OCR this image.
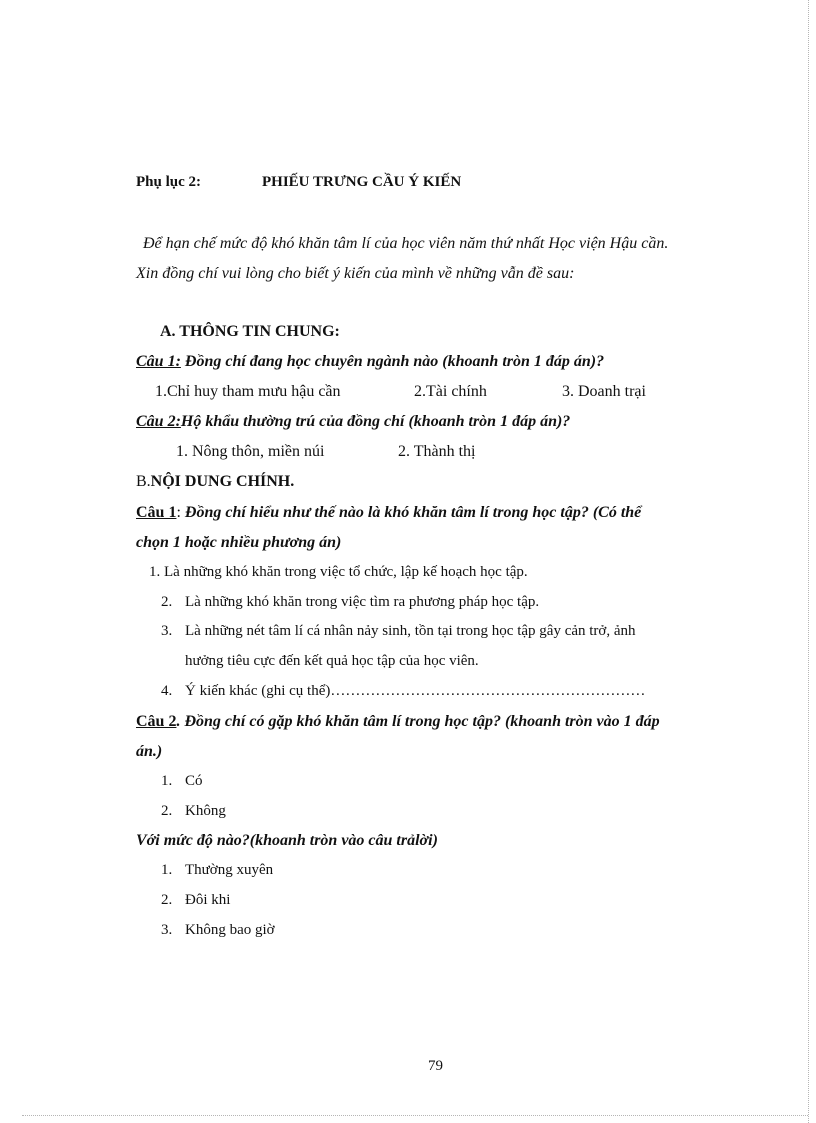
Phụ lục 2:	PHIẾU TRƯNG CẦU Ý KIẾN
Để hạn chế mức độ khó khăn tâm lí của học viên năm thứ nhất Học viện Hậu cần.
Xin đồng chí vui lòng cho biết ý kiến của mình về những vẫn đề sau:
A. THÔNG TIN CHUNG:
Câu 1: Đồng chí đang học chuyên ngành nào (khoanh tròn 1 đáp án)?
1.Chỉ huy tham mưu hậu cần	2.Tài chính	3. Doanh trại
Câu 2:Hộ khẩu thường trú của đồng chí (khoanh tròn 1 đáp án)?
1. Nông thôn, miền núi	2. Thành thị
B.NỘI DUNG CHÍNH.
Câu 1: Đồng chí hiểu như thế nào là khó khăn tâm lí trong học tập? (Có thể
chọn 1 hoặc nhiều phương án)
1. Là những khó khăn trong việc tổ chức, lập kế hoạch học tập.
2. Là những khó khăn trong việc tìm ra phương pháp học tập.
3. Là những nét tâm lí cá nhân nảy sinh, tồn tại trong học tập gây cản trở, ảnh
hưởng tiêu cực đến kết quả học tập của học viên.
4. Ý kiến khác (ghi cụ thể)………………………………………………………
Câu 2. Đồng chí có gặp khó khăn tâm lí trong học tập? (khoanh tròn vào 1 đáp
án.)
1. Có
2. Không
Với mức độ nào?(khoanh tròn vào câu trảlời)
1. Thường xuyên
2. Đôi khi
3. Không bao giờ
79
